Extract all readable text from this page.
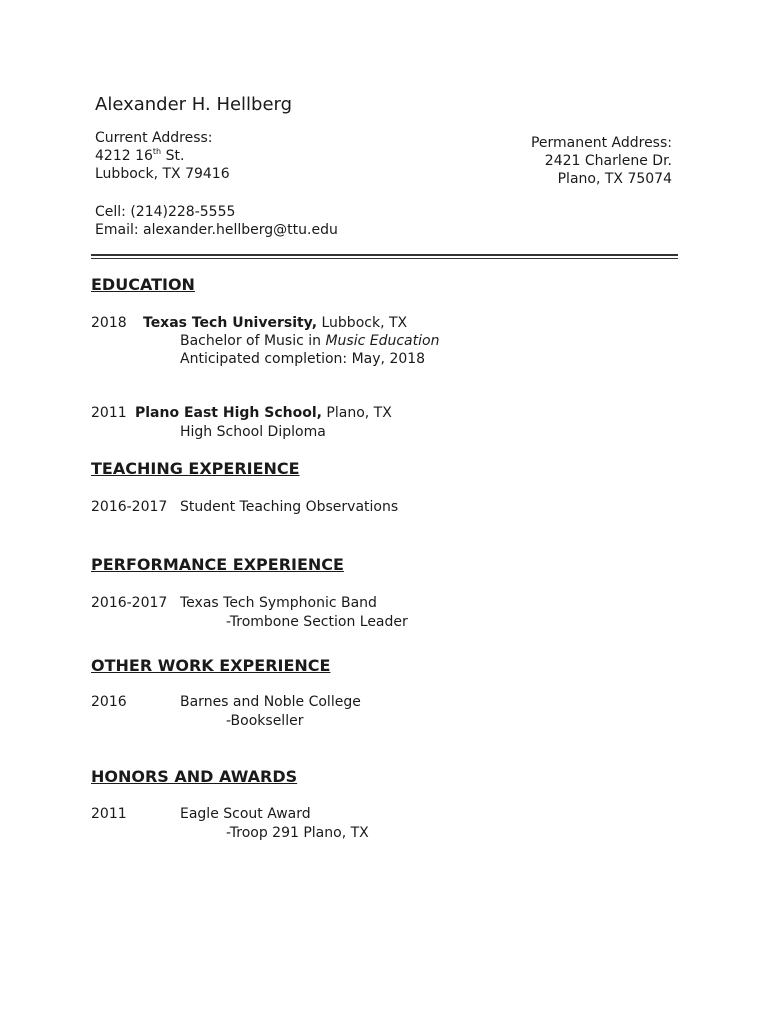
Alexander H. Hellberg
Current Address:
4212 16th St.
Lubbock, TX 79416
Cell: (214)228-5555
Email: alexander.hellberg@ttu.edu
Permanent Address:
2421 Charlene Dr.
Plano, TX 75074
EDUCATION
2018 Texas Tech University, Lubbock, TX
Bachelor of Music in Music Education
Anticipated completion: May, 2018
2011 Plano East High School, Plano, TX
High School Diploma
TEACHING EXPERIENCE
2016-2017 Student Teaching Observations
PERFORMANCE EXPERIENCE
2016-2017 Texas Tech Symphonic Band
-Trombone Section Leader
OTHER WORK EXPERIENCE
2016	Barnes and Noble College
-Bookseller
HONORS AND AWARDS
2011	Eagle Scout Award
-Troop 291 Plano, TX
